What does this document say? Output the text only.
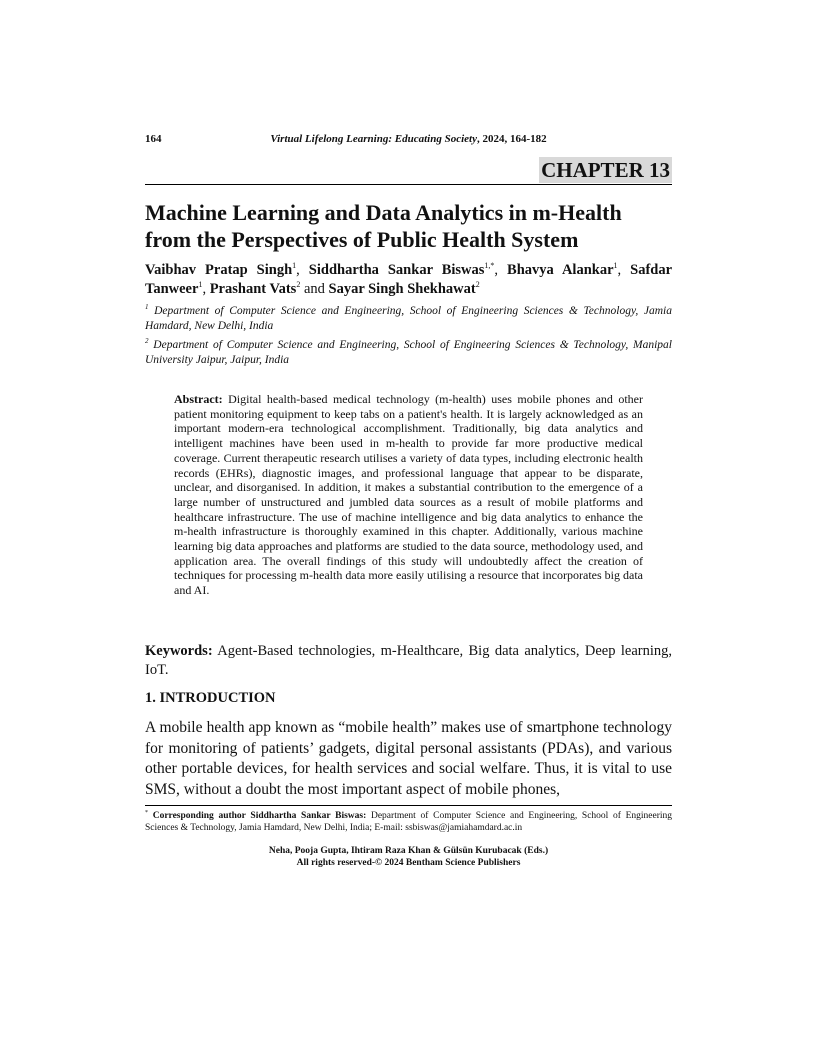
164	Virtual Lifelong Learning: Educating Society, 2024, 164-182
CHAPTER 13
Machine Learning and Data Analytics in m-Health from the Perspectives of Public Health System
Vaibhav Pratap Singh$^1$, Siddhartha Sankar Biswas$^{1,*}$, Bhavya Alankar$^1$, Safdar Tanweer$^1$, Prashant Vats$^2$ and Sayar Singh Shekhawat$^2$
$^1$ Department of Computer Science and Engineering, School of Engineering Sciences & Technology, Jamia Hamdard, New Delhi, India
$^2$ Department of Computer Science and Engineering, School of Engineering Sciences & Technology, Manipal University Jaipur, Jaipur, India
Abstract: Digital health-based medical technology (m-health) uses mobile phones and other patient monitoring equipment to keep tabs on a patient's health. It is largely acknowledged as an important modern-era technological accomplishment. Traditionally, big data analytics and intelligent machines have been used in m-health to provide far more productive medical coverage. Current therapeutic research utilises a variety of data types, including electronic health records (EHRs), diagnostic images, and professional language that appear to be disparate, unclear, and disorganised. In addition, it makes a substantial contribution to the emergence of a large number of unstructured and jumbled data sources as a result of mobile platforms and healthcare infrastructure. The use of machine intelligence and big data analytics to enhance the m-health infrastructure is thoroughly examined in this chapter. Additionally, various machine learning big data approaches and platforms are studied to the data source, methodology used, and application area. The overall findings of this study will undoubtedly affect the creation of techniques for processing m-health data more easily utilising a resource that incorporates big data and AI.
Keywords: Agent-Based technologies, m-Healthcare, Big data analytics, Deep learning, IoT.
1. INTRODUCTION
A mobile health app known as “mobile health” makes use of smartphone technology for monitoring of patients’ gadgets, digital personal assistants (PDAs), and various other portable devices, for health services and social welfare. Thus, it is vital to use SMS, without a doubt the most important aspect of mobile phones,
* Corresponding author Siddhartha Sankar Biswas: Department of Computer Science and Engineering, School of Engineering Sciences & Technology, Jamia Hamdard, New Delhi, India; E-mail: ssbiswas@jamiahamdard.ac.in
Neha, Pooja Gupta, Ihtiram Raza Khan & Gülsün Kurubacak (Eds.)
All rights reserved-© 2024 Bentham Science Publishers
